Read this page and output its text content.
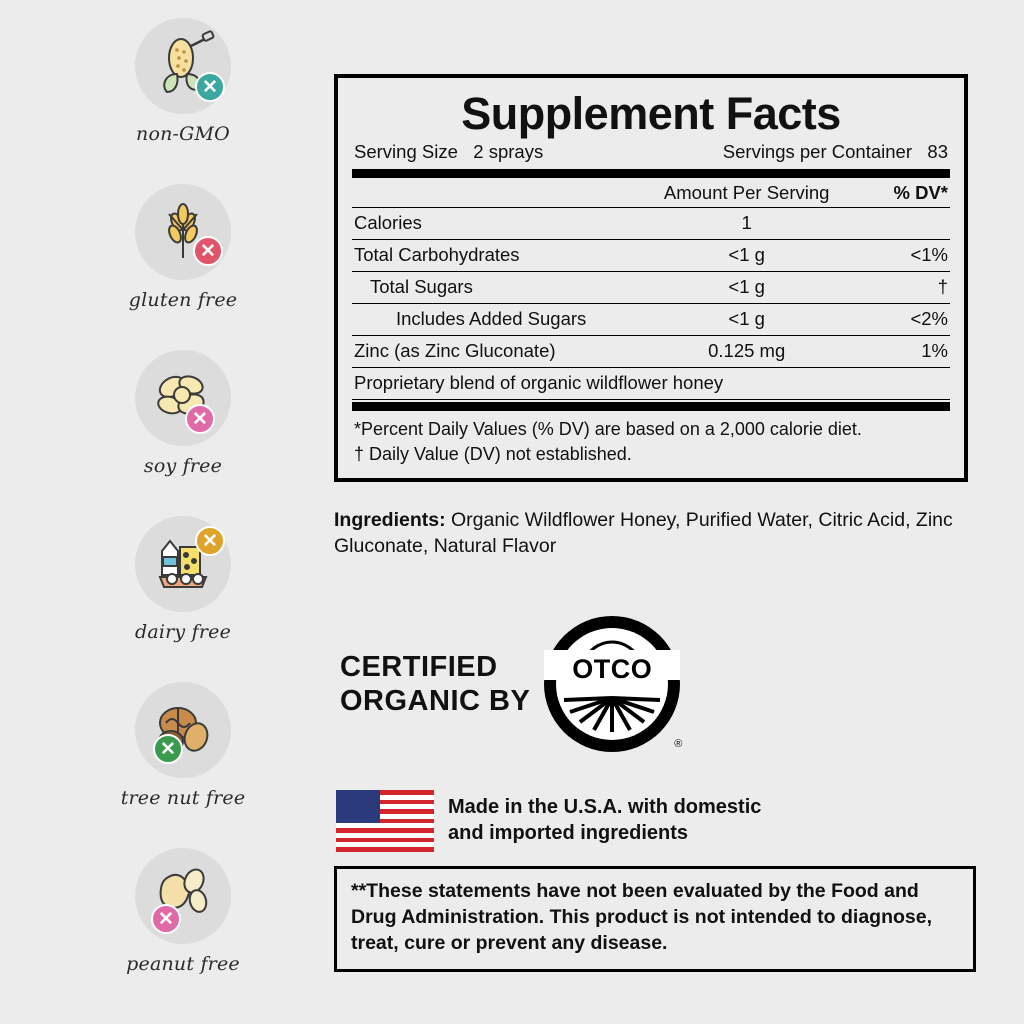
✕
non-GMO
✕
gluten free
✕
soy free
✕
dairy free
✕
tree nut free
✕
peanut free
Supplement Facts
Serving Size 2 sprays	Servings per Container 83
	Amount Per Serving	% DV*
Calories	1	
Total Carbohydrates	<1 g	<1%
Total Sugars	<1 g	†
Includes Added Sugars	<1 g	<2%
Zinc (as Zinc Gluconate)	0.125 mg	1%
Proprietary blend of organic wildflower honey		
*Percent Daily Values (% DV) are based on a 2,000 calorie diet.
† Daily Value (DV) not established.
Ingredients: Organic Wildflower Honey, Purified Water, Citric Acid, Zinc Gluconate, Natural Flavor
CERTIFIED
ORGANIC BY
OTCO
®
Made in the U.S.A. with domestic
and imported ingredients
**These statements have not been evaluated by the Food and Drug Administration. This product is not intended to diagnose, treat, cure or prevent any disease.
